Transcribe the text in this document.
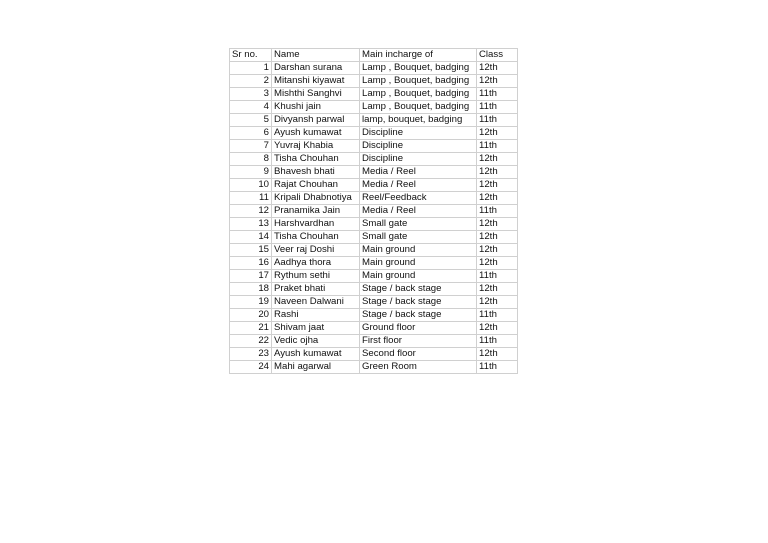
Sr no.	Name	Main incharge of	Class
1	Darshan surana	Lamp , Bouquet, badging	12th
2	Mitanshi kiyawat	Lamp , Bouquet, badging	12th
3	Mishthi Sanghvi	Lamp , Bouquet, badging	11th
4	Khushi jain	Lamp , Bouquet, badging	11th
5	Divyansh parwal	lamp, bouquet, badging	11th
6	Ayush kumawat	Discipline	12th
7	Yuvraj Khabia	Discipline	11th
8	Tisha Chouhan	Discipline	12th
9	Bhavesh bhati	Media / Reel	12th
10	Rajat Chouhan	Media / Reel	12th
11	Kripali Dhabnotiya	Reel/Feedback	12th
12	Pranamika Jain	Media / Reel	11th
13	Harshvardhan	Small gate	12th
14	Tisha Chouhan	Small gate	12th
15	Veer raj Doshi	Main ground	12th
16	Aadhya thora	Main ground	12th
17	Rythum sethi	Main ground	11th
18	Praket bhati	Stage / back stage	12th
19	Naveen Dalwani	Stage / back stage	12th
20	Rashi	Stage / back stage	11th
21	Shivam jaat	Ground floor	12th
22	Vedic ojha	First floor	11th
23	Ayush kumawat	Second floor	12th
24	Mahi agarwal	Green Room	11th
